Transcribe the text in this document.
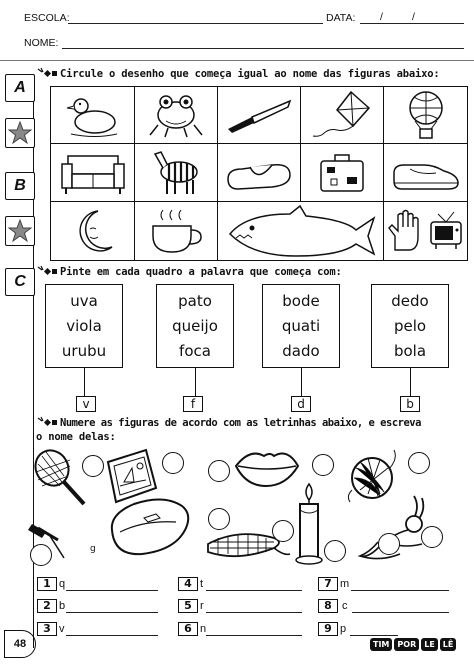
ESCOLA:	DATA: /	/
NOME:
A
B
C
Circule o desenho que começa igual ao nome das figuras abaixo:
Pinte em cada quadro a palavra que começa com:
uva
viola
urubu
pato
queijo
foca
bode
quati
dado
dedo
pelo
bola
v	f	d	b
Numere as figuras de acordo com as letrinhas abaixo, e escreva
o nome delas:
g
1 q	4 t	7 m
2 b	5 r	8 c
3 v	6 n	9 p
48	TIM	POR	LE	LÊ
